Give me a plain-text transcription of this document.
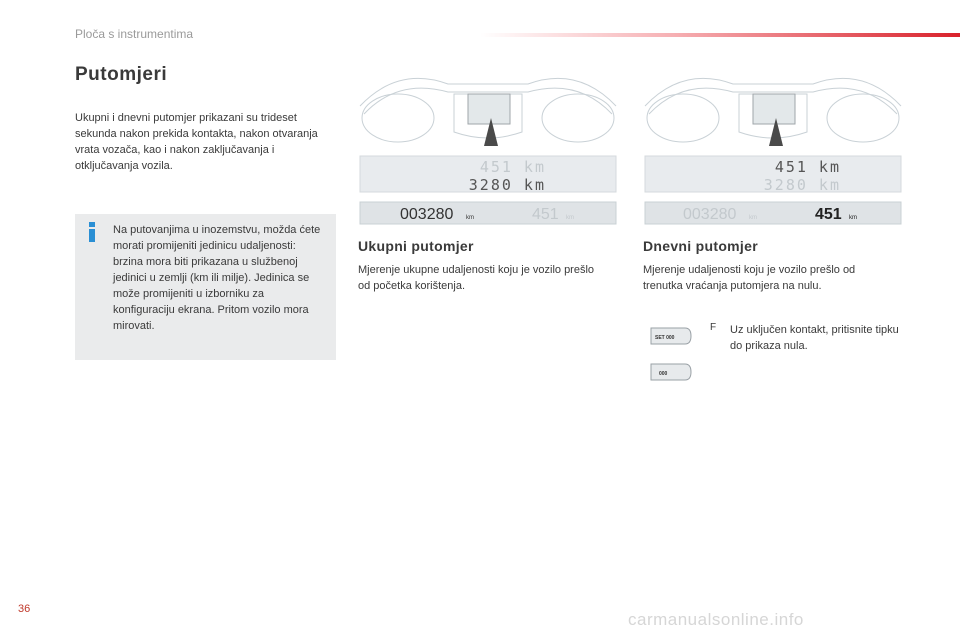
Ploča s instrumentima
Putomjeri
Ukupni i dnevni putomjer prikazani su trideset sekunda nakon prekida kontakta, nakon otvaranja vrata vozača, kao i nakon zaključavanja i otključavanja vozila.
Na putovanjima u inozemstvu, možda ćete morati promijeniti jedinicu udaljenosti: brzina mora biti prikazana u službenoj jedinici u zemlji (km ili milje). Jedinica se može promijeniti u izborniku za konfiguraciju ekrana. Pritom vozilo mora mirovati.
451 km
3280 km
003280 km	451 km
451 km
3280 km
003280 km	451 km
Ukupni putomjer
Mjerenje ukupne udaljenosti koju je vozilo prešlo od početka korištenja.
Dnevni putomjer
Mjerenje udaljenosti koju je vozilo prešlo od trenutka vraćanja putomjera na nulu.
SET 000
000
F Uz uključen kontakt, pritisnite tipku do prikaza nula.
36
carmanualsonline.info
